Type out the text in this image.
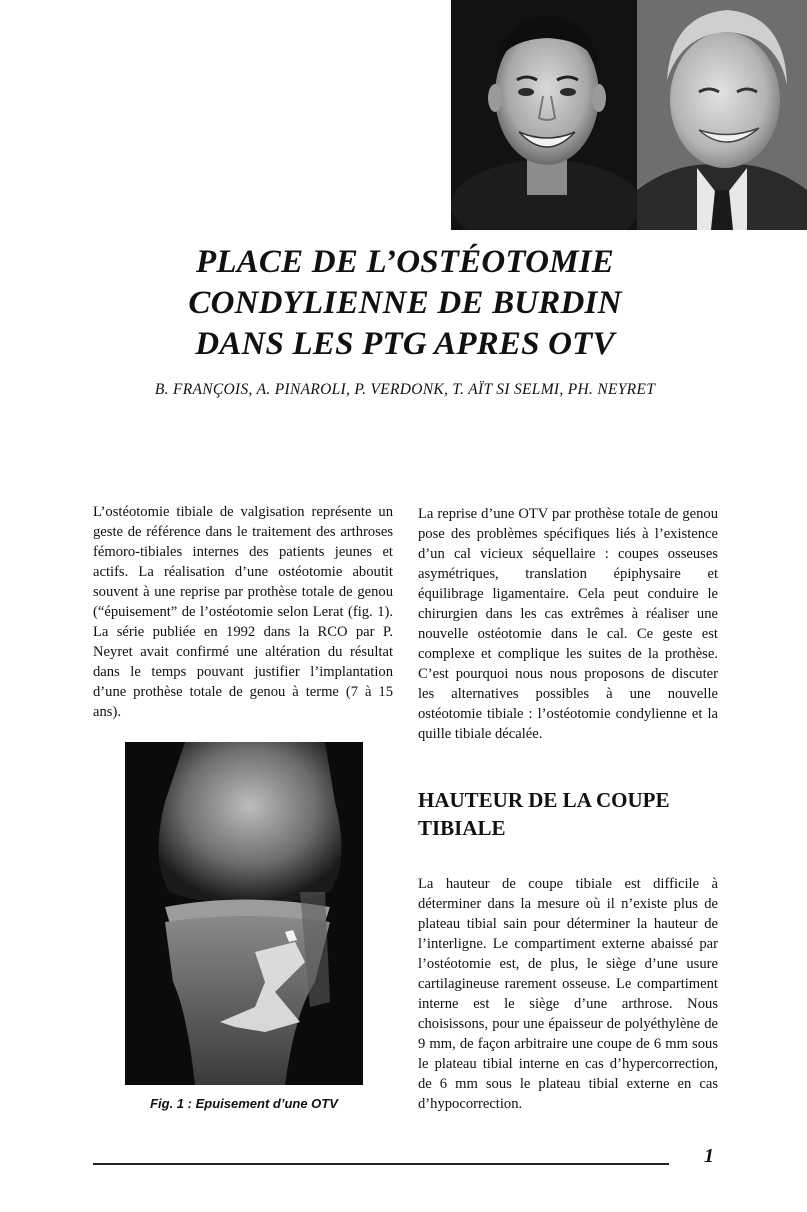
PLACE DE L’OSTÉOTOMIE
CONDYLIENNE DE BURDIN
DANS LES PTG APRES OTV
B. FRANÇOIS, A. PINAROLI, P. VERDONK, T. AÏT SI SELMI, PH. NEYRET

L’ostéotomie tibiale de valgisation représente un geste de référence dans le traitement des arthroses fémoro-tibiales internes des patients jeunes et actifs. La réalisation d’une ostéotomie aboutit souvent à une reprise par prothèse totale de genou (“épuisement” de l’ostéotomie selon Lerat (fig. 1). La série publiée en 1992 dans la RCO par P. Neyret avait confirmé une altération du résultat dans le temps pouvant justifier l’implantation d’une prothèse totale de genou à terme (7 à 15 ans).

La reprise d’une OTV par prothèse totale de genou pose des problèmes spécifiques liés à l’existence d’un cal vicieux séquellaire : coupes osseuses asymétriques, translation épiphysaire et équilibrage ligamentaire. Cela peut conduire le chirurgien dans les cas extrêmes à réaliser une nouvelle ostéotomie dans le cal. Ce geste est complexe et complique les suites de la prothèse. C’est pourquoi nous nous proposons de discuter les alternatives possibles à une nouvelle ostéotomie tibiale : l’ostéotomie condylienne et la quille tibiale décalée.

HAUTEUR DE LA COUPE
TIBIALE

La hauteur de coupe tibiale est difficile à déterminer dans la mesure où il n’existe plus de plateau tibial sain pour déterminer la hauteur de l’interligne. Le compartiment externe abaissé par l’ostéotomie est, de plus, le siège d’une usure cartilagineuse rarement osseuse. Le compartiment interne est le siège d’une arthrose. Nous choisissons, pour une épaisseur de polyéthylène de 9 mm, de façon arbitraire une coupe de 6 mm sous le plateau tibial interne en cas d’hypercorrection, de 6 mm sous le plateau tibial externe en cas d’hypocorrection.

Fig. 1 : Epuisement d’une OTV
1
